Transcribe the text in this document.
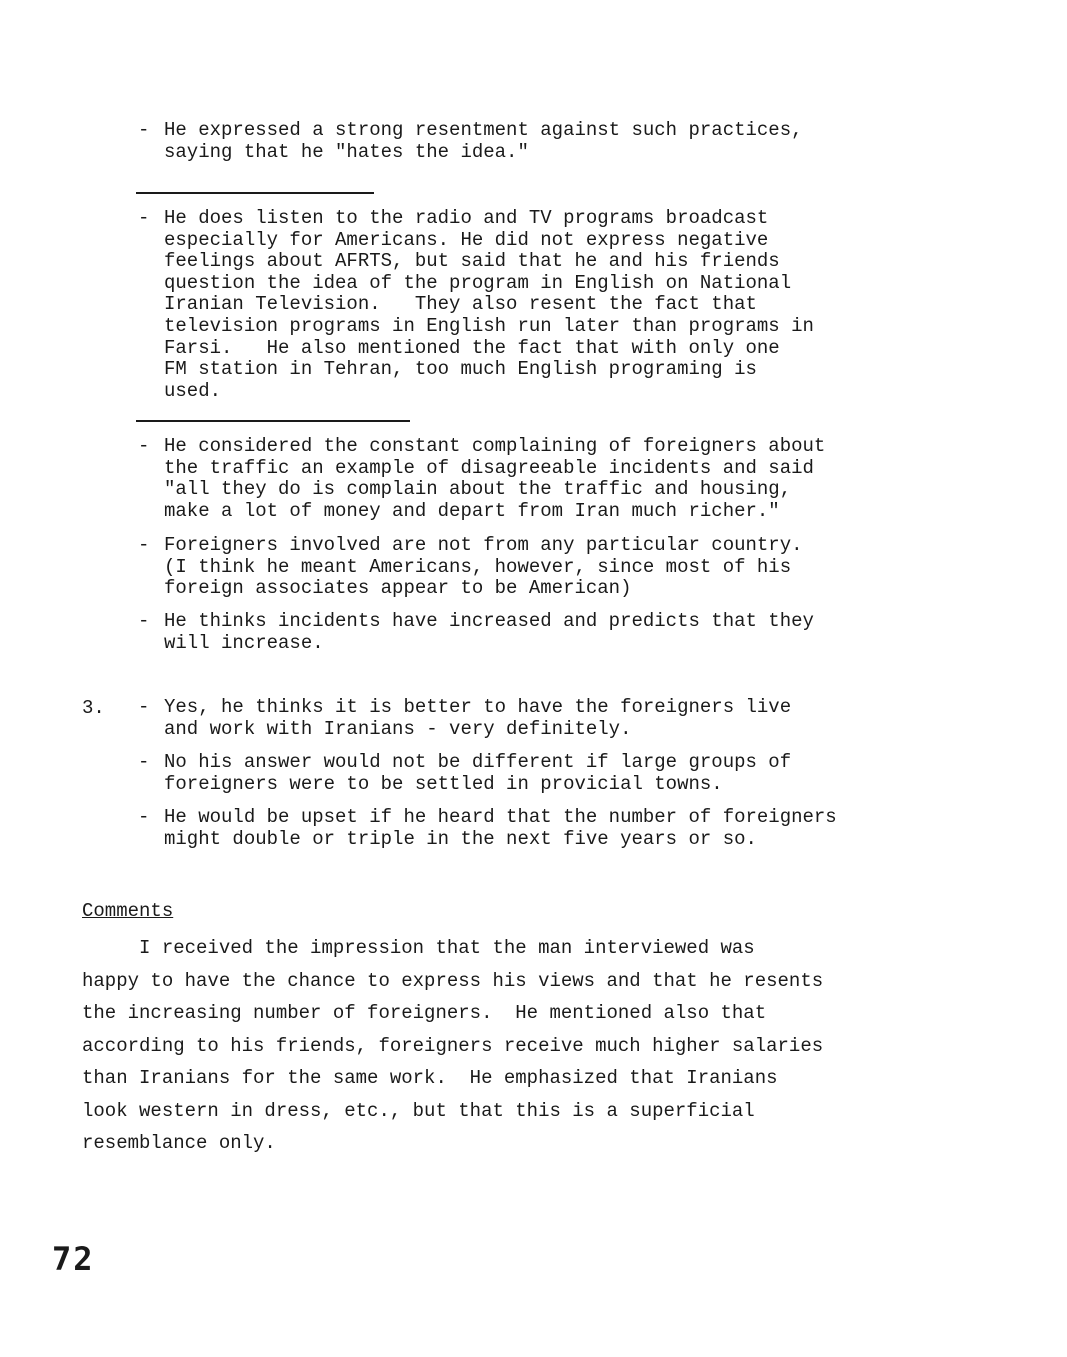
- He expressed a strong resentment against such practices,
saying that he "hates the idea."
- He does listen to the radio and TV programs broadcast
especially for Americans. He did not express negative
feelings about AFRTS, but said that he and his friends
question the idea of the program in English on National
Iranian Television.   They also resent the fact that
television programs in English run later than programs in
Farsi.   He also mentioned the fact that with only one
FM station in Tehran, too much English programing is
used.
- He considered the constant complaining of foreigners about
the traffic an example of disagreeable incidents and said
"all they do is complain about the traffic and housing,
make a lot of money and depart from Iran much richer."
- Foreigners involved are not from any particular country.
(I think he meant Americans, however, since most of his
foreign associates appear to be American)
- He thinks incidents have increased and predicts that they
will increase.
3. - Yes, he thinks it is better to have the foreigners live
and work with Iranians - very definitely.
- No his answer would not be different if large groups of
foreigners were to be settled in provicial towns.
- He would be upset if he heard that the number of foreigners
might double or triple in the next five years or so.
Comments
I received the impression that the man interviewed was
happy to have the chance to express his views and that he resents
the increasing number of foreigners.  He mentioned also that
according to his friends, foreigners receive much higher salaries
than Iranians for the same work.  He emphasized that Iranians
look western in dress, etc., but that this is a superficial
resemblance only.
72
